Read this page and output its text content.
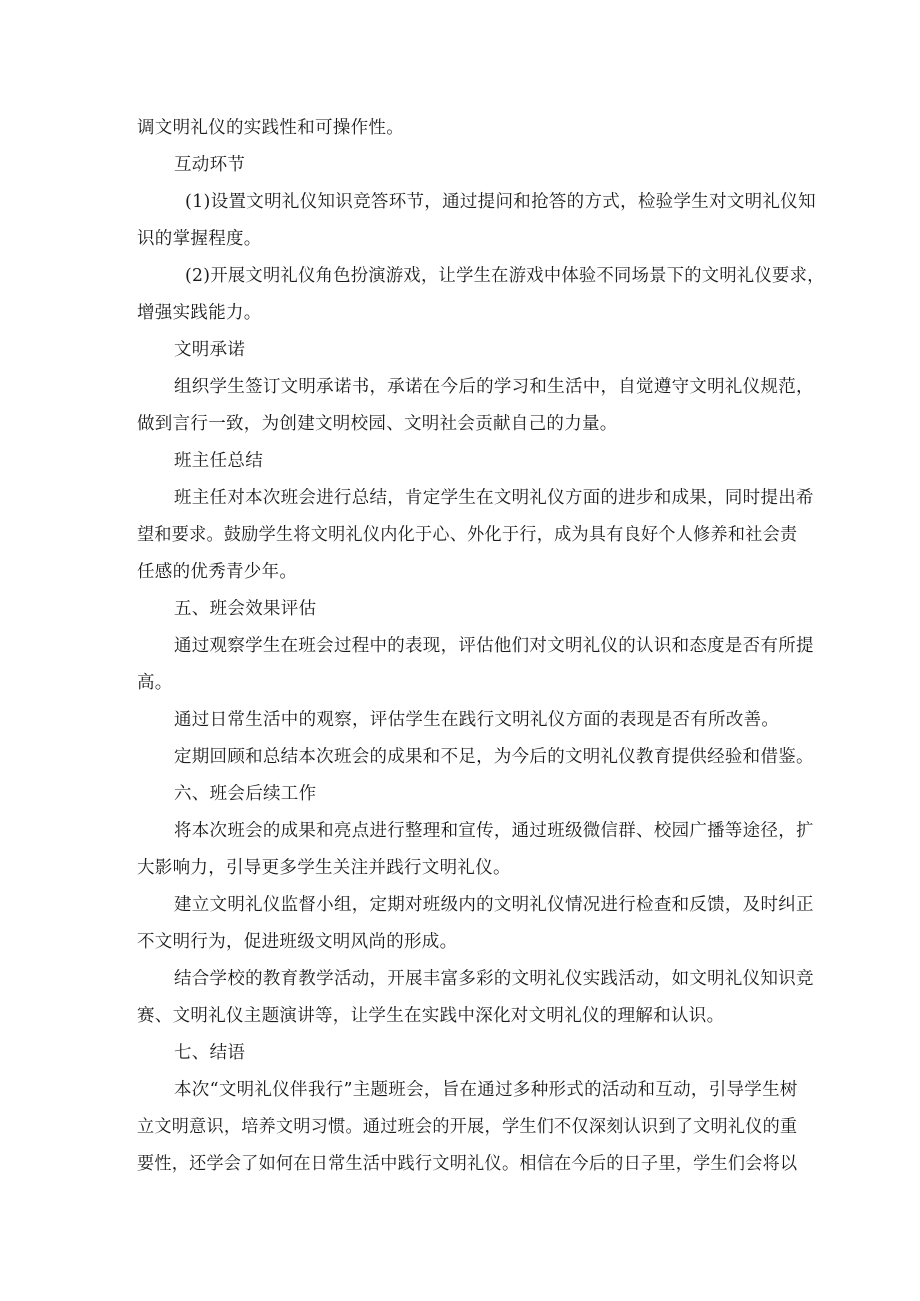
调文明礼仪的实践性和可操作性。
互动环节
(1)设置文明礼仪知识竞答环节，通过提问和抢答的方式，检验学生对文明礼仪知
识的掌握程度。
(2)开展文明礼仪角色扮演游戏，让学生在游戏中体验不同场景下的文明礼仪要求，
增强实践能力。
文明承诺
组织学生签订文明承诺书，承诺在今后的学习和生活中，自觉遵守文明礼仪规范，
做到言行一致，为创建文明校园、文明社会贡献自己的力量。
班主任总结
班主任对本次班会进行总结，肯定学生在文明礼仪方面的进步和成果，同时提出希
望和要求。鼓励学生将文明礼仪内化于心、外化于行，成为具有良好个人修养和社会责
任感的优秀青少年。
五、班会效果评估
通过观察学生在班会过程中的表现，评估他们对文明礼仪的认识和态度是否有所提
高。
通过日常生活中的观察，评估学生在践行文明礼仪方面的表现是否有所改善。
定期回顾和总结本次班会的成果和不足，为今后的文明礼仪教育提供经验和借鉴。
六、班会后续工作
将本次班会的成果和亮点进行整理和宣传，通过班级微信群、校园广播等途径，扩
大影响力，引导更多学生关注并践行文明礼仪。
建立文明礼仪监督小组，定期对班级内的文明礼仪情况进行检查和反馈，及时纠正
不文明行为，促进班级文明风尚的形成。
结合学校的教育教学活动，开展丰富多彩的文明礼仪实践活动，如文明礼仪知识竞
赛、文明礼仪主题演讲等，让学生在实践中深化对文明礼仪的理解和认识。
七、结语
本次“文明礼仪伴我行”主题班会，旨在通过多种形式的活动和互动，引导学生树
立文明意识，培养文明习惯。通过班会的开展，学生们不仅深刻认识到了文明礼仪的重
要性，还学会了如何在日常生活中践行文明礼仪。相信在今后的日子里，学生们会将以
